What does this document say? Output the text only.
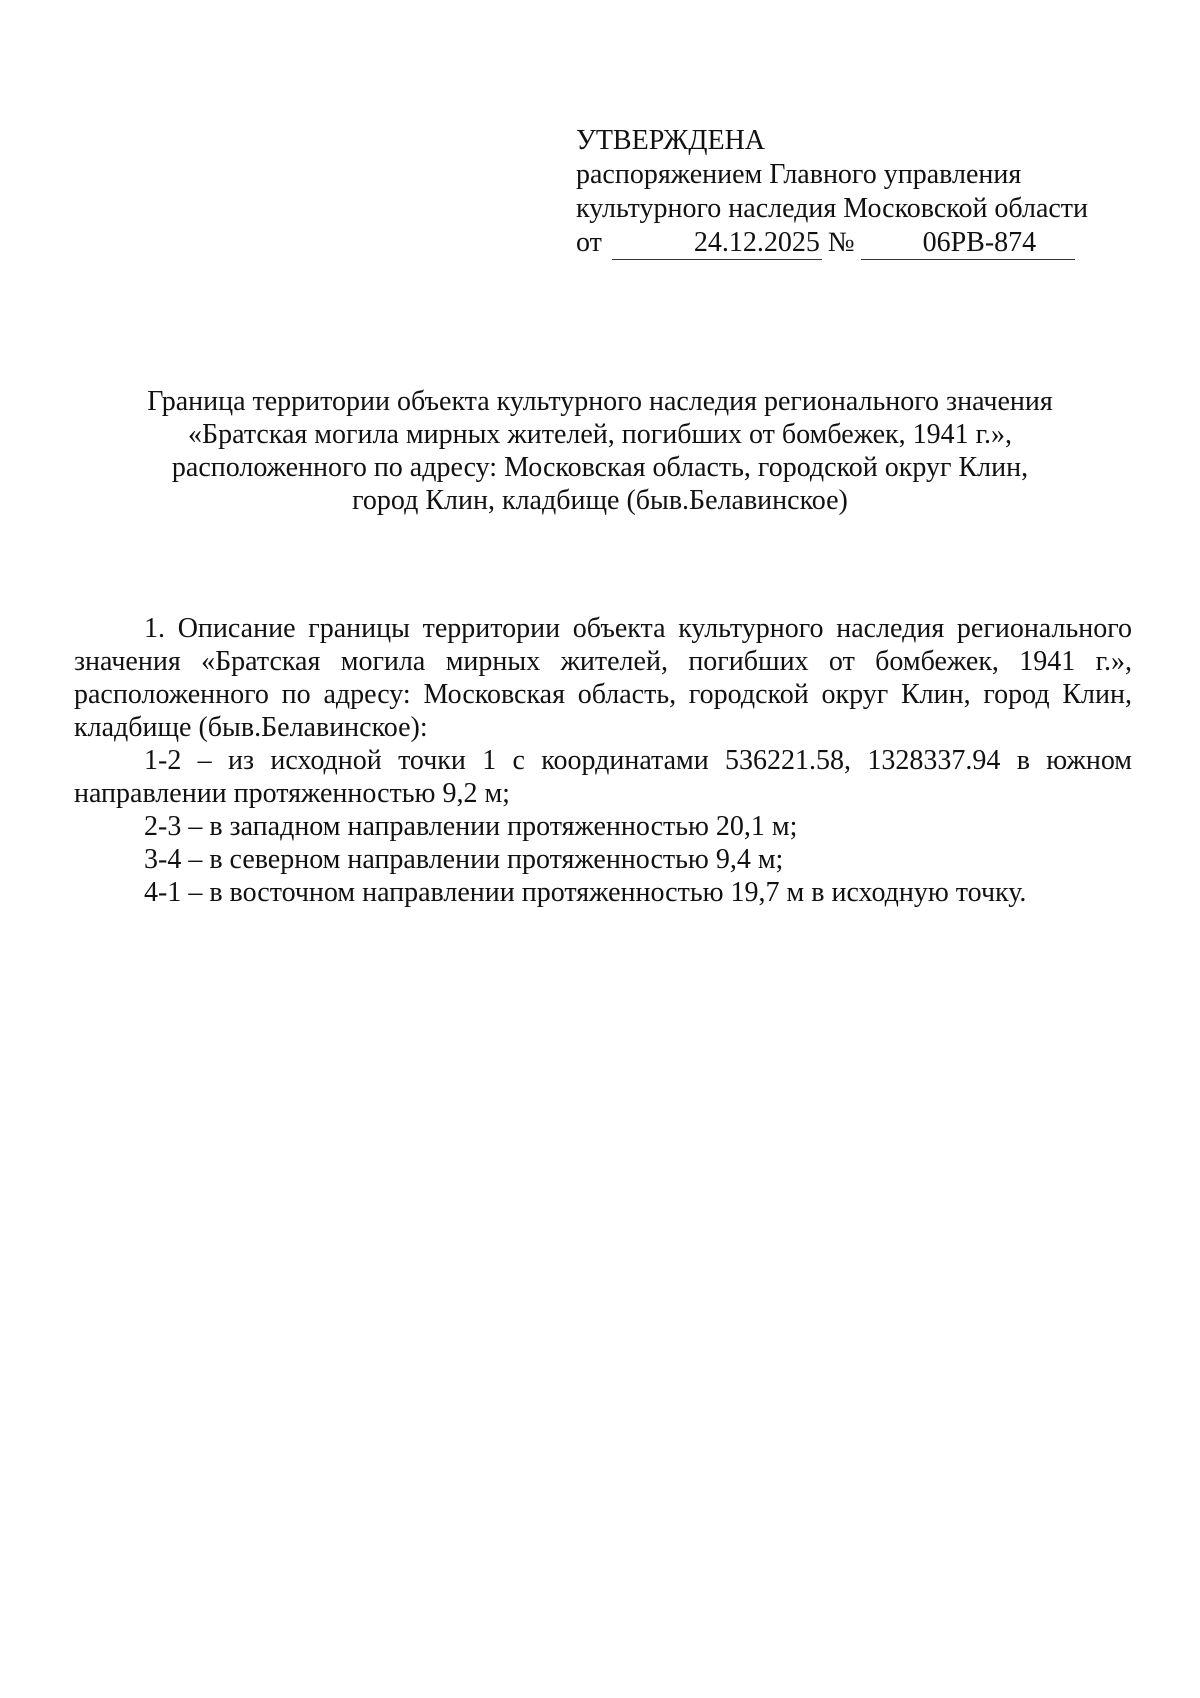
УТВЕРЖДЕНА
распоряжением Главного управления
культурного наследия Московской области
от	24.12.2025 №	06РВ-874
Граница территории объекта культурного наследия регионального значения
«Братская могила мирных жителей, погибших от бомбежек, 1941 г.»,
расположенного по адресу: Московская область, городской округ Клин,
город Клин, кладбище (быв.Белавинское)

1. Описание границы территории объекта культурного наследия регионального значения «Братская могила мирных жителей, погибших от бомбежек, 1941 г.», расположенного по адресу: Московская область, городской округ Клин, город Клин, кладбище (быв.Белавинское):

1-2 – из исходной точки 1 с координатами 536221.58, 1328337.94 в южном направлении протяженностью 9,2 м;

2-3 – в западном направлении протяженностью 20,1 м;

3-4 – в северном направлении протяженностью 9,4 м;

4-1 – в восточном направлении протяженностью 19,7 м в исходную точку.
